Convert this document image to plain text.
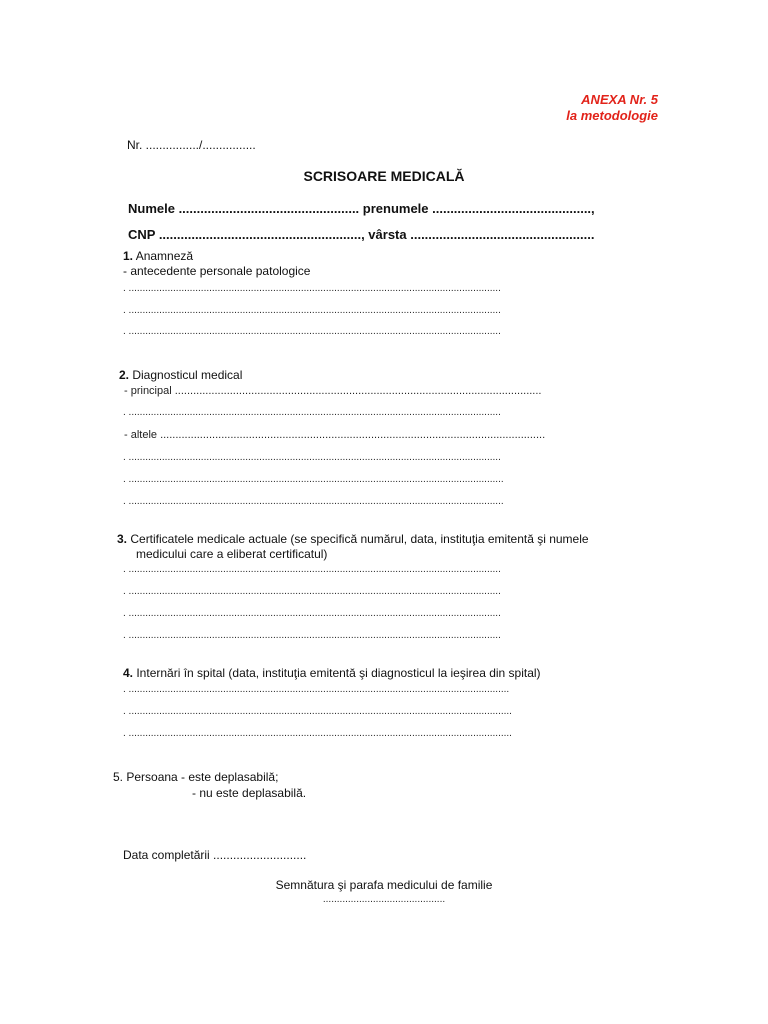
ANEXA Nr. 5
la metodologie
Nr. ................/................
SCRISOARE MEDICALĂ
Numele .................................................. prenumele ............................................,
CNP ........................................................, vârsta ...................................................
1. Anamneză
- antecedente personale patologice
. ......................................................................................................................................
. ......................................................................................................................................
. ......................................................................................................................................
2. Diagnosticul medical
- principal ........................................................................................................................
. ......................................................................................................................................
- altele ..............................................................................................................................
. ......................................................................................................................................
. .......................................................................................................................................
. .......................................................................................................................................
3. Certificatele medicale actuale (se specifică numărul, data, instituţia emitentă şi numele
medicului care a eliberat certificatul)
. ......................................................................................................................................
. ......................................................................................................................................
. ......................................................................................................................................
. ......................................................................................................................................
4. Internări în spital (data, instituţia emitentă şi diagnosticul la ieşirea din spital)
. .........................................................................................................................................
. ..........................................................................................................................................
. ..........................................................................................................................................
5. Persoana - este deplasabilă;
- nu este deplasabilă.
Data completării ............................
Semnătura şi parafa medicului de familie
............................................
